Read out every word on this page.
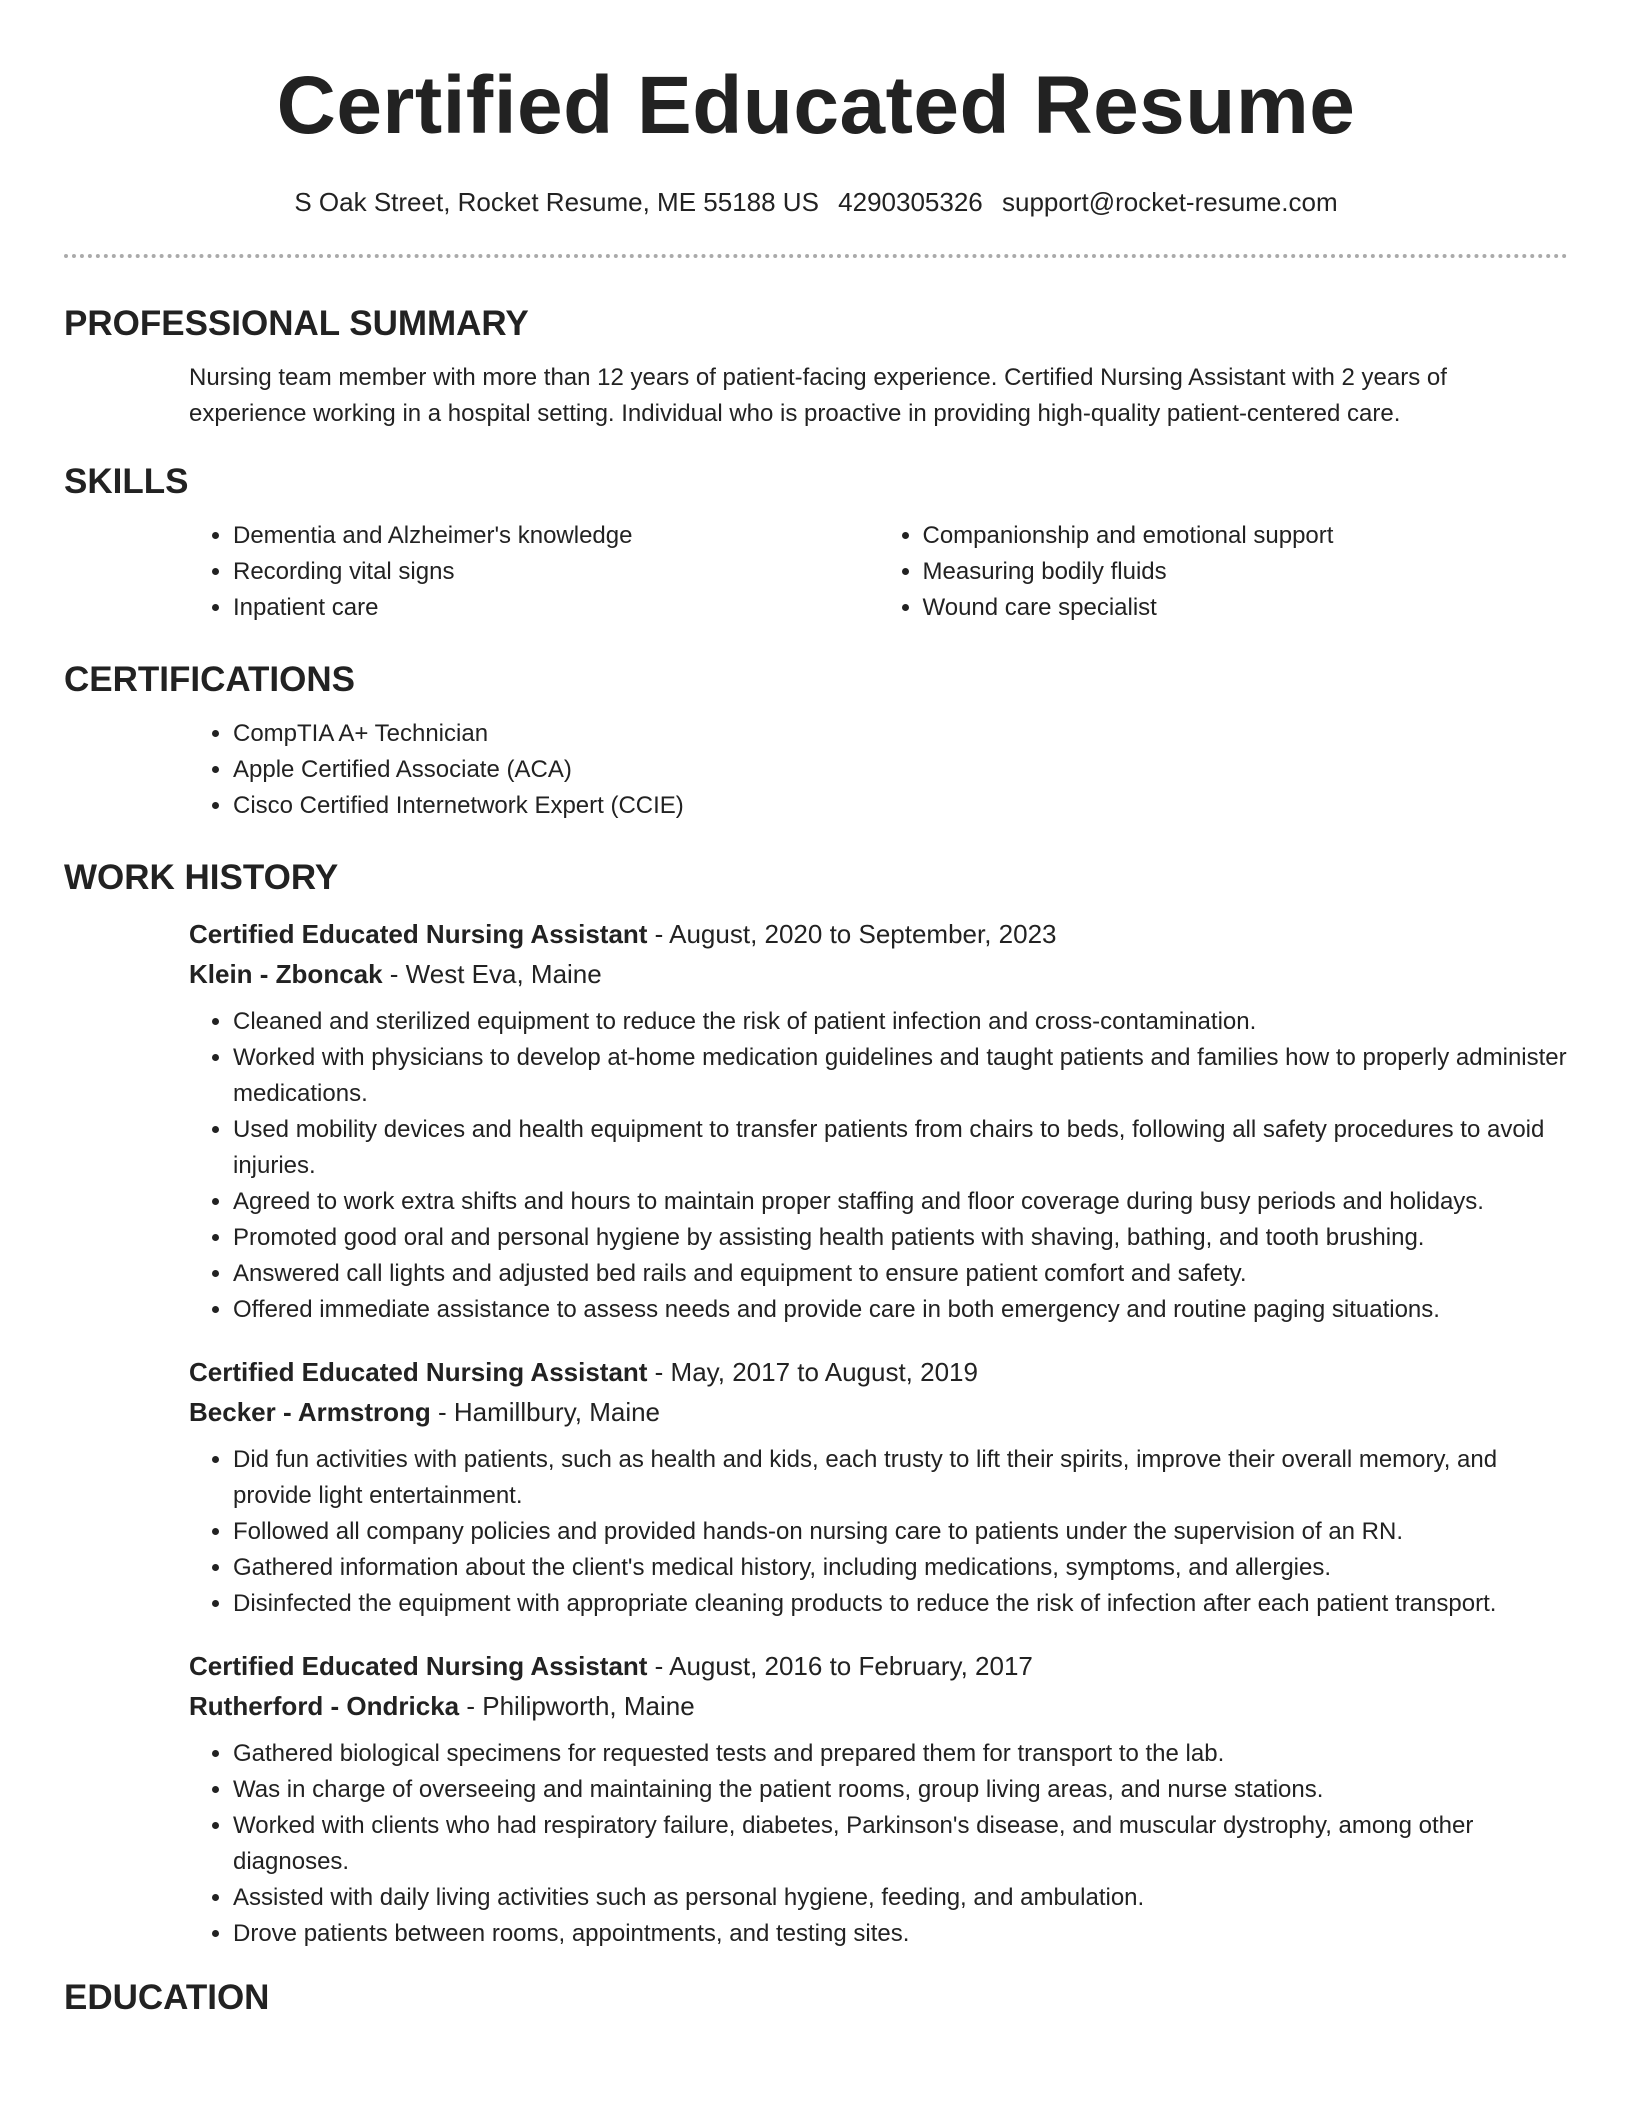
Certified Educated Resume
S Oak Street, Rocket Resume, ME 55188 US 4290305326 support@rocket-resume.com
PROFESSIONAL SUMMARY

Nursing team member with more than 12 years of patient-facing experience. Certified Nursing Assistant with 2 years of experience working in a hospital setting. Individual who is proactive in providing high-quality patient-centered care.

SKILLS
• Dementia and Alzheimer's knowledge
• Recording vital signs
• Inpatient care
• Companionship and emotional support
• Measuring bodily fluids
• Wound care specialist
CERTIFICATIONS
• CompTIA A+ Technician
• Apple Certified Associate (ACA)
• Cisco Certified Internetwork Expert (CCIE)
WORK HISTORY

Certified Educated Nursing Assistant - August, 2020 to September, 2023

Klein - Zboncak - West Eva, Maine

• Cleaned and sterilized equipment to reduce the risk of patient infection and cross-contamination.
• Worked with physicians to develop at-home medication guidelines and taught patients and families how to properly administer medications.
• Used mobility devices and health equipment to transfer patients from chairs to beds, following all safety procedures to avoid injuries.
• Agreed to work extra shifts and hours to maintain proper staffing and floor coverage during busy periods and holidays.
• Promoted good oral and personal hygiene by assisting health patients with shaving, bathing, and tooth brushing.
• Answered call lights and adjusted bed rails and equipment to ensure patient comfort and safety.
• Offered immediate assistance to assess needs and provide care in both emergency and routine paging situations.

Certified Educated Nursing Assistant - May, 2017 to August, 2019

Becker - Armstrong - Hamillbury, Maine

• Did fun activities with patients, such as health and kids, each trusty to lift their spirits, improve their overall memory, and provide light entertainment.
• Followed all company policies and provided hands-on nursing care to patients under the supervision of an RN.
• Gathered information about the client's medical history, including medications, symptoms, and allergies.
• Disinfected the equipment with appropriate cleaning products to reduce the risk of infection after each patient transport.

Certified Educated Nursing Assistant - August, 2016 to February, 2017

Rutherford - Ondricka - Philipworth, Maine

• Gathered biological specimens for requested tests and prepared them for transport to the lab.
• Was in charge of overseeing and maintaining the patient rooms, group living areas, and nurse stations.
• Worked with clients who had respiratory failure, diabetes, Parkinson's disease, and muscular dystrophy, among other diagnoses.
• Assisted with daily living activities such as personal hygiene, feeding, and ambulation.
• Drove patients between rooms, appointments, and testing sites.
EDUCATION
